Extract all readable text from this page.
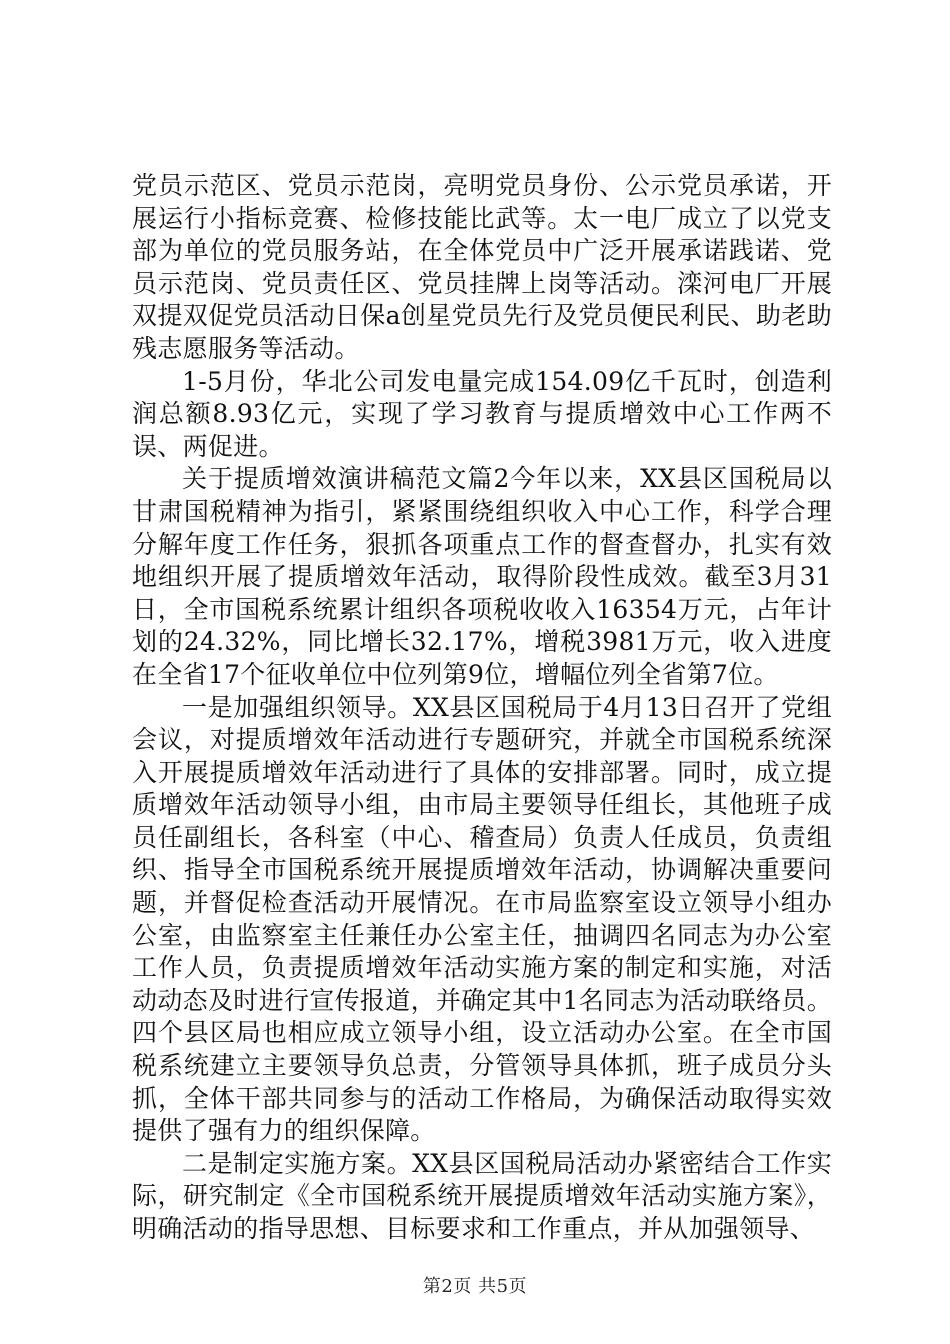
党员示范区、党员示范岗，亮明党员身份、公示党员承诺，开展运行小指标竞赛、检修技能比武等。太一电厂成立了以党支部为单位的党员服务站，在全体党员中广泛开展承诺践诺、党员示范岗、党员责任区、党员挂牌上岗等活动。滦河电厂开展双提双促党员活动日保a创星党员先行及党员便民利民、助老助残志愿服务等活动。

1-5月份，华北公司发电量完成154.09亿千瓦时，创造利润总额8.93亿元，实现了学习教育与提质增效中心工作两不误、两促进。

关于提质增效演讲稿范文篇2今年以来，XX县区国税局以甘肃国税精神为指引，紧紧围绕组织收入中心工作，科学合理分解年度工作任务，狠抓各项重点工作的督查督办，扎实有效地组织开展了提质增效年活动，取得阶段性成效。截至3月31日，全市国税系统累计组织各项税收收入16354万元，占年计划的24.32%，同比增长32.17%，增税3981万元，收入进度在全省17个征收单位中位列第9位，增幅位列全省第7位。

一是加强组织领导。XX县区国税局于4月13日召开了党组会议，对提质增效年活动进行专题研究，并就全市国税系统深入开展提质增效年活动进行了具体的安排部署。同时，成立提质增效年活动领导小组，由市局主要领导任组长，其他班子成员任副组长，各科室（中心、稽查局）负责人任成员，负责组织、指导全市国税系统开展提质增效年活动，协调解决重要问题，并督促检查活动开展情况。在市局监察室设立领导小组办公室，由监察室主任兼任办公室主任，抽调四名同志为办公室工作人员，负责提质增效年活动实施方案的制定和实施，对活动动态及时进行宣传报道，并确定其中1名同志为活动联络员。四个县区局也相应成立领导小组，设立活动办公室。在全市国税系统建立主要领导负总责，分管领导具体抓，班子成员分头抓，全体干部共同参与的活动工作格局，为确保活动取得实效提供了强有力的组织保障。

二是制定实施方案。XX县区国税局活动办紧密结合工作实际，研究制定《全市国税系统开展提质增效年活动实施方案》，明确活动的指导思想、目标要求和工作重点，并从加强领导、

第2页 共5页
